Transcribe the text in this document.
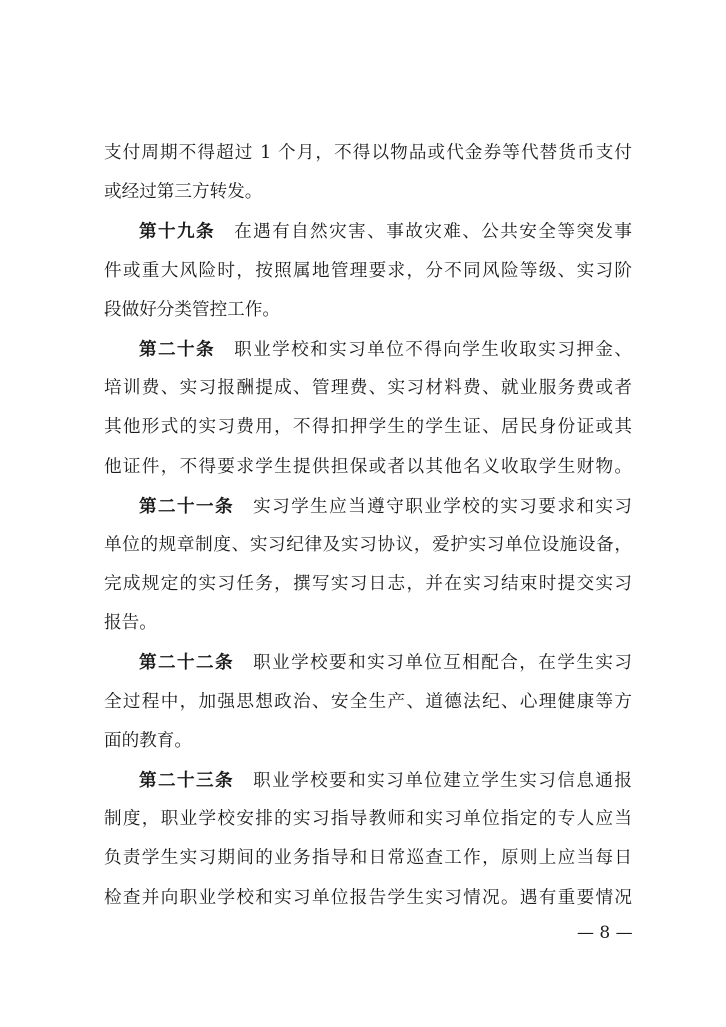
支付周期不得超过 1 个月，不得以物品或代金券等代替货币支付
或经过第三方转发。
第十九条　 在遇有自然灾害、事故灾难、公共安全等突发事
件或重大风险时，按照属地管理要求，分不同风险等级、实习阶
段做好分类管控工作。
第二十条　 职业学校和实习单位不得向学生收取实习押金、
培训费、实习报酬提成、管理费、实习材料费、就业服务费或者
其他形式的实习费用，不得扣押学生的学生证、居民身份证或其
他证件，不得要求学生提供担保或者以其他名义收取学生财物。
第二十一条　 实习学生应当遵守职业学校的实习要求和实习
单位的规章制度、实习纪律及实习协议，爱护实习单位设施设备，
完成规定的实习任务，撰写实习日志，并在实习结束时提交实习
报告。
第二十二条　 职业学校要和实习单位互相配合，在学生实习
全过程中，加强思想政治、安全生产、道德法纪、心理健康等方
面的教育。
第二十三条　 职业学校要和实习单位建立学生实习信息通报
制度，职业学校安排的实习指导教师和实习单位指定的专人应当
负责学生实习期间的业务指导和日常巡查工作，原则上应当每日
检查并向职业学校和实习单位报告学生实习情况。遇有重要情况
— 8 —
